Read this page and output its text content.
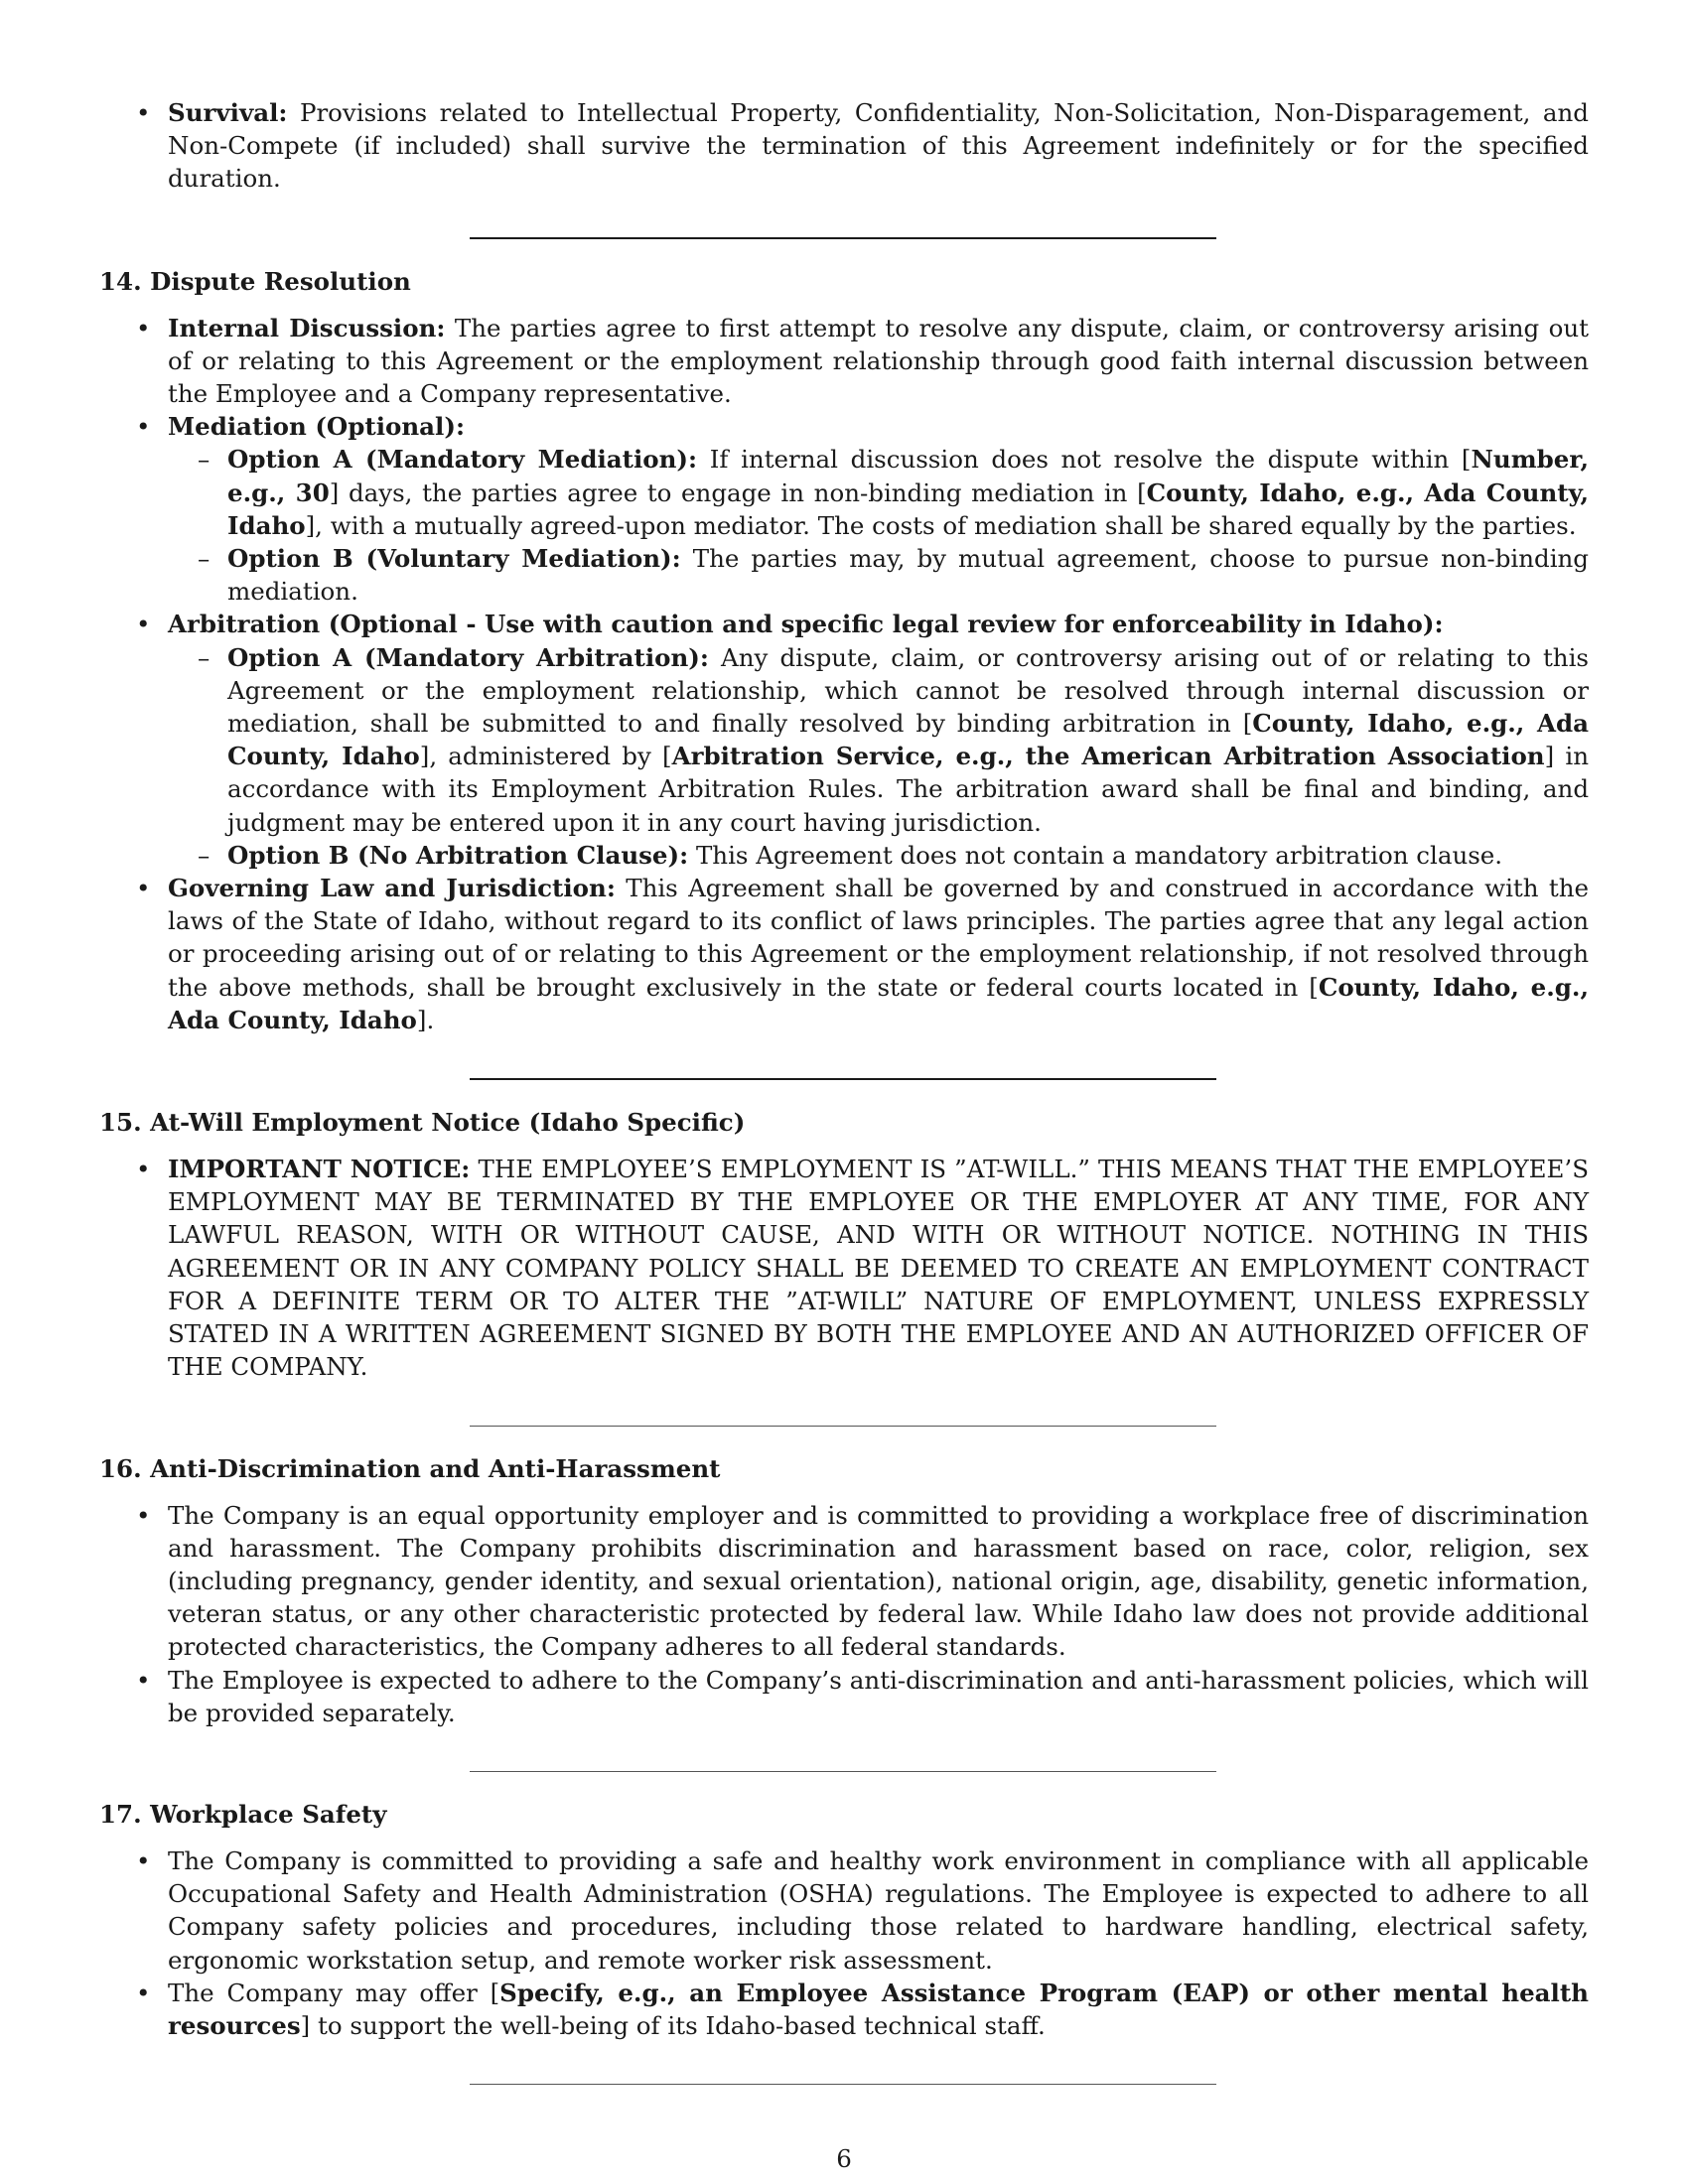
• Survival: Provisions related to Intellectual Property, Confidentiality, Non-Solicitation, Non-Disparagement, and Non-Compete (if included) shall survive the termination of this Agreement indefinitely or for the specified duration.
14. Dispute Resolution
• Internal Discussion: The parties agree to first attempt to resolve any dispute, claim, or controversy arising out of or relating to this Agreement or the employment relationship through good faith internal discussion between the Employee and a Company representative.
• Mediation (Optional):
– Option A (Mandatory Mediation): If internal discussion does not resolve the dispute within [Number, e.g., 30] days, the parties agree to engage in non-binding mediation in [County, Idaho, e.g., Ada County, Idaho], with a mutually agreed-upon mediator. The costs of mediation shall be shared equally by the parties.
– Option B (Voluntary Mediation): The parties may, by mutual agreement, choose to pursue non-binding mediation.
• Arbitration (Optional - Use with caution and specific legal review for enforceability in Idaho):
– Option A (Mandatory Arbitration): Any dispute, claim, or controversy arising out of or relating to this Agreement or the employment relationship, which cannot be resolved through internal discussion or mediation, shall be submitted to and finally resolved by binding arbitration in [County, Idaho, e.g., Ada County, Idaho], administered by [Arbitration Service, e.g., the American Arbitration Association] in accordance with its Employment Arbitration Rules. The arbitration award shall be final and binding, and judgment may be entered upon it in any court having jurisdiction.
– Option B (No Arbitration Clause): This Agreement does not contain a mandatory arbitration clause.
• Governing Law and Jurisdiction: This Agreement shall be governed by and construed in accordance with the laws of the State of Idaho, without regard to its conflict of laws principles. The parties agree that any legal action or proceeding arising out of or relating to this Agreement or the employment relationship, if not resolved through the above methods, shall be brought exclusively in the state or federal courts located in [County, Idaho, e.g., Ada County, Idaho].
15. At-Will Employment Notice (Idaho Specific)
• IMPORTANT NOTICE: THE EMPLOYEE’S EMPLOYMENT IS ”AT-WILL.” THIS MEANS THAT THE EMPLOYEE’S EMPLOYMENT MAY BE TERMINATED BY THE EMPLOYEE OR THE EMPLOYER AT ANY TIME, FOR ANY LAWFUL REASON, WITH OR WITHOUT CAUSE, AND WITH OR WITHOUT NOTICE. NOTHING IN THIS AGREEMENT OR IN ANY COMPANY POLICY SHALL BE DEEMED TO CREATE AN EMPLOYMENT CONTRACT FOR A DEFINITE TERM OR TO ALTER THE ”AT-WILL” NATURE OF EMPLOYMENT, UNLESS EXPRESSLY STATED IN A WRITTEN AGREEMENT SIGNED BY BOTH THE EMPLOYEE AND AN AUTHORIZED OFFICER OF THE COMPANY.
16. Anti-Discrimination and Anti-Harassment
• The Company is an equal opportunity employer and is committed to providing a workplace free of discrimination and harassment. The Company prohibits discrimination and harassment based on race, color, religion, sex (including pregnancy, gender identity, and sexual orientation), national origin, age, disability, genetic information, veteran status, or any other characteristic protected by federal law. While Idaho law does not provide additional protected characteristics, the Company adheres to all federal standards.
• The Employee is expected to adhere to the Company’s anti-discrimination and anti-harassment policies, which will be provided separately.
17. Workplace Safety
• The Company is committed to providing a safe and healthy work environment in compliance with all applicable Occupational Safety and Health Administration (OSHA) regulations. The Employee is expected to adhere to all Company safety policies and procedures, including those related to hardware handling, electrical safety, ergonomic workstation setup, and remote worker risk assessment.
• The Company may offer [Specify, e.g., an Employee Assistance Program (EAP) or other mental health resources] to support the well-being of its Idaho-based technical staff.
6
